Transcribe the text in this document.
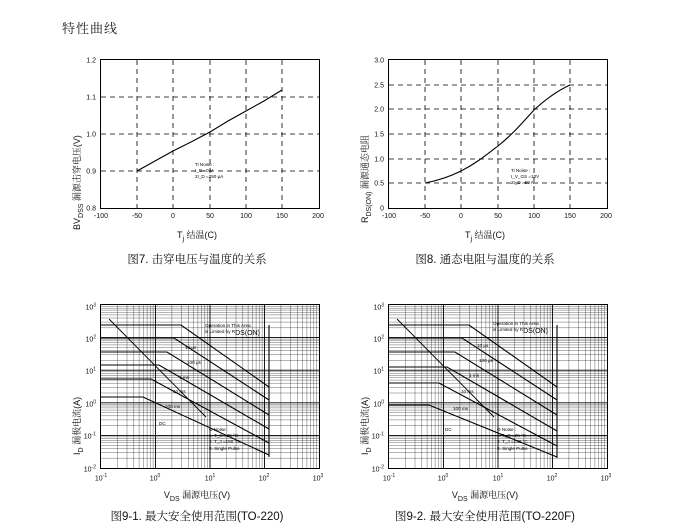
特性曲线
$BV_{DSS}$ 漏源击穿电压(V)	Ti Noise :
I_D =0 V
2I_D =250 µA
0.8
0.9
1.0
1.1
1.2
-100	-50	0	50	100	150	200
$T_j$ 结温(C)
图7. 击穿电压与温度的关系
$R_{DS(ON)}$ 漏源通态电阻	Ti Noise :
I_V_GS =10V
2I_D =50 A
0
0.5
1.0
1.5
2.0
2.5
3.0
-100	-50	0	50	100	150	200
$T_j$ 结温(C)
图8. 通态电阻与温度的关系
$I_D$ 漏极电流(A)
Operation in This Area
is Limited by RDS(ON)
10 μs
100 μs
1 ms
10 ms
100 ms
DC
Θ Noise :
1. T_C =25 °C
2. T_J =150 °C
3. Single Pulse
$10^{-2}$
$10^{-1}$
$10^0$
$10^1$
$10^2$
$10^3$
$10^{-1}$	$10^0$	$10^1$	$10^2$	$10^3$
$V_{DS}$ 漏源电压(V)
图9-1. 最大安全使用范围(TO-220)
$I_D$ 漏极电流(A)
Operation in This Area
is Limited by RDS(ON)
10 μs
100 μs
1 ms
10 ms
100 ms
DC	Θ Noise :
1. T_C =25 °C
2. T_J =150 °C
3. Single Pulse
$10^{-2}$
$10^{-1}$
$10^0$
$10^1$
$10^2$
$10^3$
$10^{-1}$	$10^0$	$10^1$	$10^2$	$10^3$
$V_{DS}$ 漏源电压(V)
图9-2. 最大安全使用范围(TO-220F)
